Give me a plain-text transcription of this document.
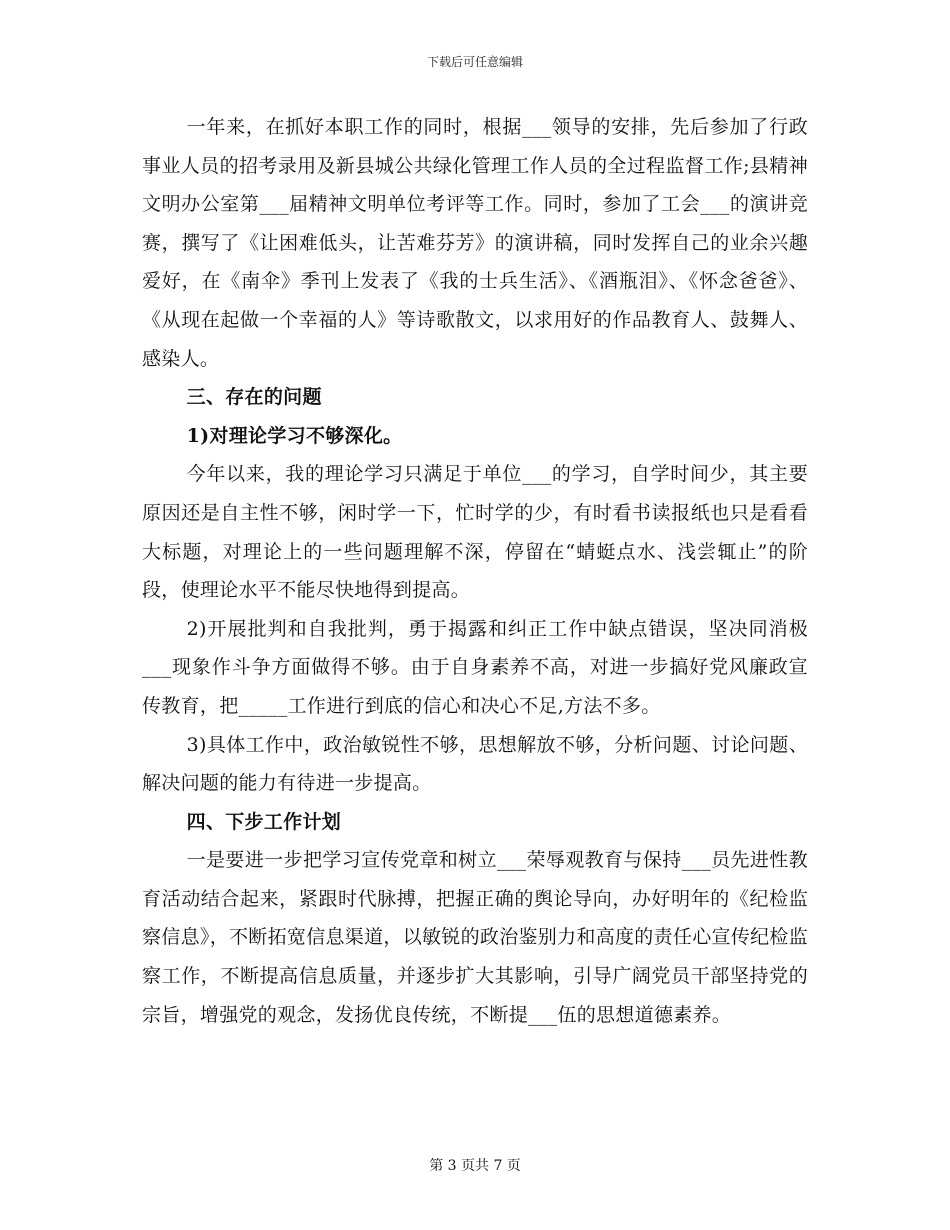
下载后可任意编辑

一年来，在抓好本职工作的同时，根据___领导的安排，先后参加了行政事业人员的招考录用及新县城公共绿化管理工作人员的全过程监督工作;县精神文明办公室第___届精神文明单位考评等工作。同时，参加了工会___的演讲竞赛，撰写了《让困难低头，让苦难芬芳》的演讲稿，同时发挥自己的业余兴趣爱好，在《南伞》季刊上发表了《我的士兵生活》、《酒瓶泪》、《怀念爸爸》、《从现在起做一个幸福的人》等诗歌散文，以求用好的作品教育人、鼓舞人、感染人。

三、存在的问题

1)对理论学习不够深化。

今年以来，我的理论学习只满足于单位___的学习，自学时间少，其主要原因还是自主性不够，闲时学一下，忙时学的少，有时看书读报纸也只是看看大标题，对理论上的一些问题理解不深，停留在“蜻蜓点水、浅尝辄止”的阶段，使理论水平不能尽快地得到提高。

2)开展批判和自我批判，勇于揭露和纠正工作中缺点错误，坚决同消极___现象作斗争方面做得不够。由于自身素养不高，对进一步搞好党风廉政宣传教育，把_____工作进行到底的信心和决心不足,方法不多。

3)具体工作中，政治敏锐性不够，思想解放不够，分析问题、讨论问题、解决问题的能力有待进一步提高。

四、下步工作计划

一是要进一步把学习宣传党章和树立___荣辱观教育与保持___员先进性教育活动结合起来，紧跟时代脉搏，把握正确的舆论导向，办好明年的《纪检监察信息》，不断拓宽信息渠道，以敏锐的政治鉴别力和高度的责任心宣传纪检监察工作，不断提高信息质量，并逐步扩大其影响，引导广阔党员干部坚持党的宗旨，增强党的观念，发扬优良传统，不断提___伍的思想道德素养。

第 3 页共 7 页
